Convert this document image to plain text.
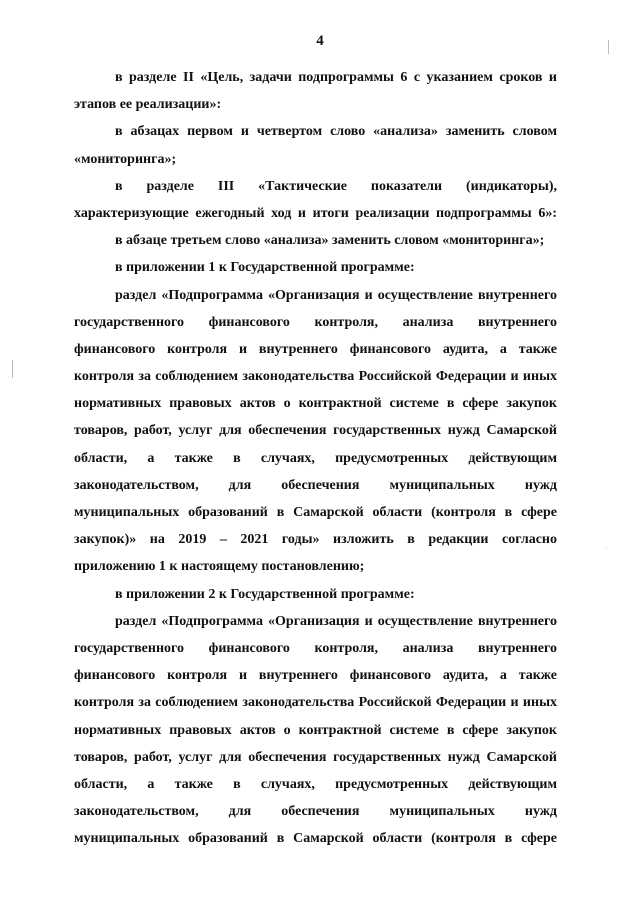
4
в разделе II «Цель, задачи подпрограммы 6 с указанием сроков и
этапов ее реализации»:
в абзацах первом и четвертом слово «анализа» заменить словом
«мониторинга»;
в разделе III «Тактические показатели (индикаторы),
характеризующие ежегодный ход и итоги реализации подпрограммы 6»:
в абзаце третьем слово «анализа» заменить словом «мониторинга»;
в приложении 1 к Государственной программе:
раздел «Подпрограмма «Организация и осуществление внутреннего
государственного финансового контроля, анализа внутреннего
финансового контроля и внутреннего финансового аудита, а также
контроля за соблюдением законодательства Российской Федерации и иных
нормативных правовых актов о контрактной системе в сфере закупок
товаров, работ, услуг для обеспечения государственных нужд Самарской
области, а также в случаях, предусмотренных действующим
законодательством, для обеспечения муниципальных нужд
муниципальных образований в Самарской области (контроля в сфере
закупок)» на 2019 – 2021 годы» изложить в редакции согласно
приложению 1 к настоящему постановлению;
в приложении 2 к Государственной программе:
раздел «Подпрограмма «Организация и осуществление внутреннего
государственного финансового контроля, анализа внутреннего
финансового контроля и внутреннего финансового аудита, а также
контроля за соблюдением законодательства Российской Федерации и иных
нормативных правовых актов о контрактной системе в сфере закупок
товаров, работ, услуг для обеспечения государственных нужд Самарской
области, а также в случаях, предусмотренных действующим
законодательством, для обеспечения муниципальных нужд
муниципальных образований в Самарской области (контроля в сфере
